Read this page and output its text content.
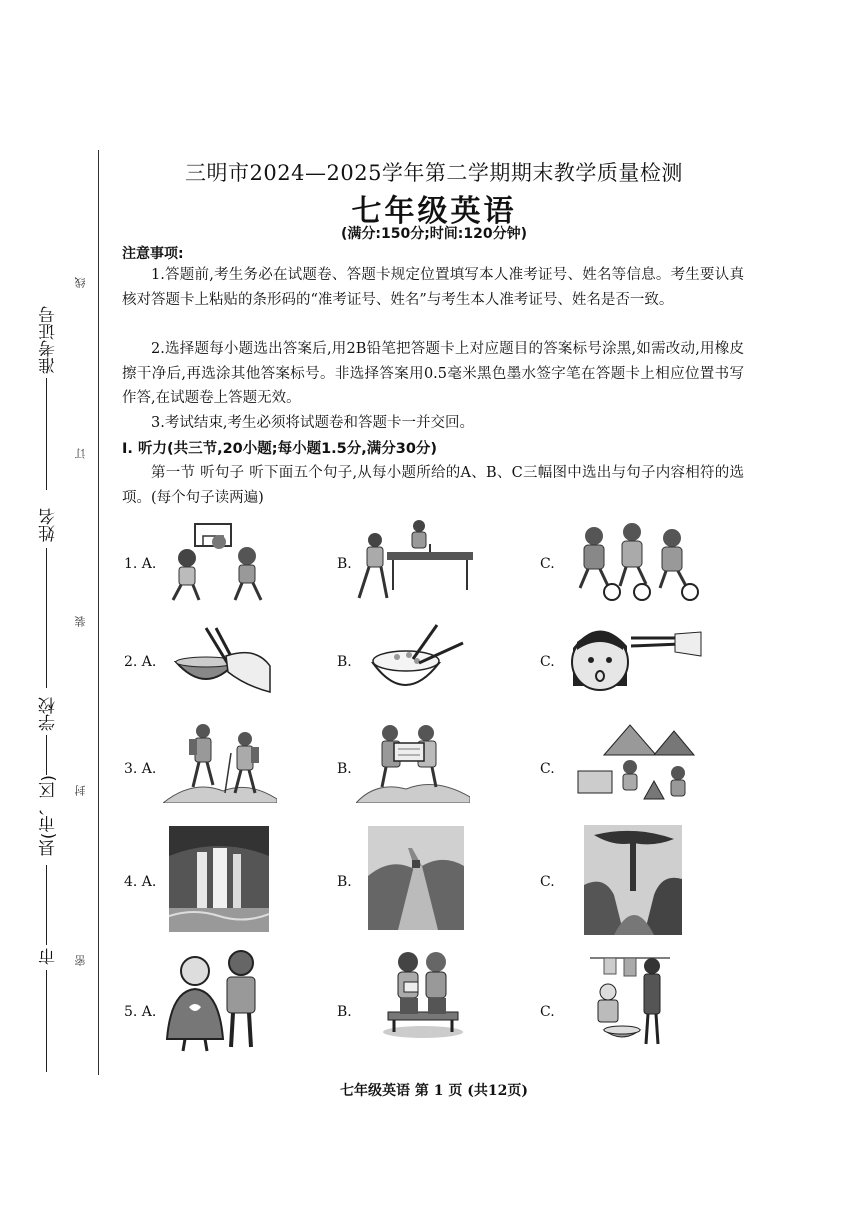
准考证号
姓名
学校
县(市、区)
市
线
订
装
封
密
三明市2024—2025学年第二学期期末教学质量检测
七年级英语
(满分:150分;时间:120分钟)
注意事项:
1.答题前,考生务必在试题卷、答题卡规定位置填写本人准考证号、姓名等信息。考生要认真核对答题卡上粘贴的条形码的“准考证号、姓名”与考生本人准考证号、姓名是否一致。
2.选择题每小题选出答案后,用2B铅笔把答题卡上对应题目的答案标号涂黑,如需改动,用橡皮擦干净后,再选涂其他答案标号。非选择答案用0.5毫米黑色墨水签字笔在答题卡上相应位置书写作答,在试题卷上答题无效。
3.考试结束,考生必须将试题卷和答题卡一并交回。
Ⅰ. 听力(共三节,20小题;每小题1.5分,满分30分)
第一节 听句子 听下面五个句子,从每小题所给的A、B、C三幅图中选出与句子内容相符的选项。(每个句子读两遍)
1. A.	B.	C.
2. A.	B.	C.
3. A.	B.	C.
4. A.	B.	C.
5. A.	B.	C.
七年级英语 第 1 页 (共12页)
